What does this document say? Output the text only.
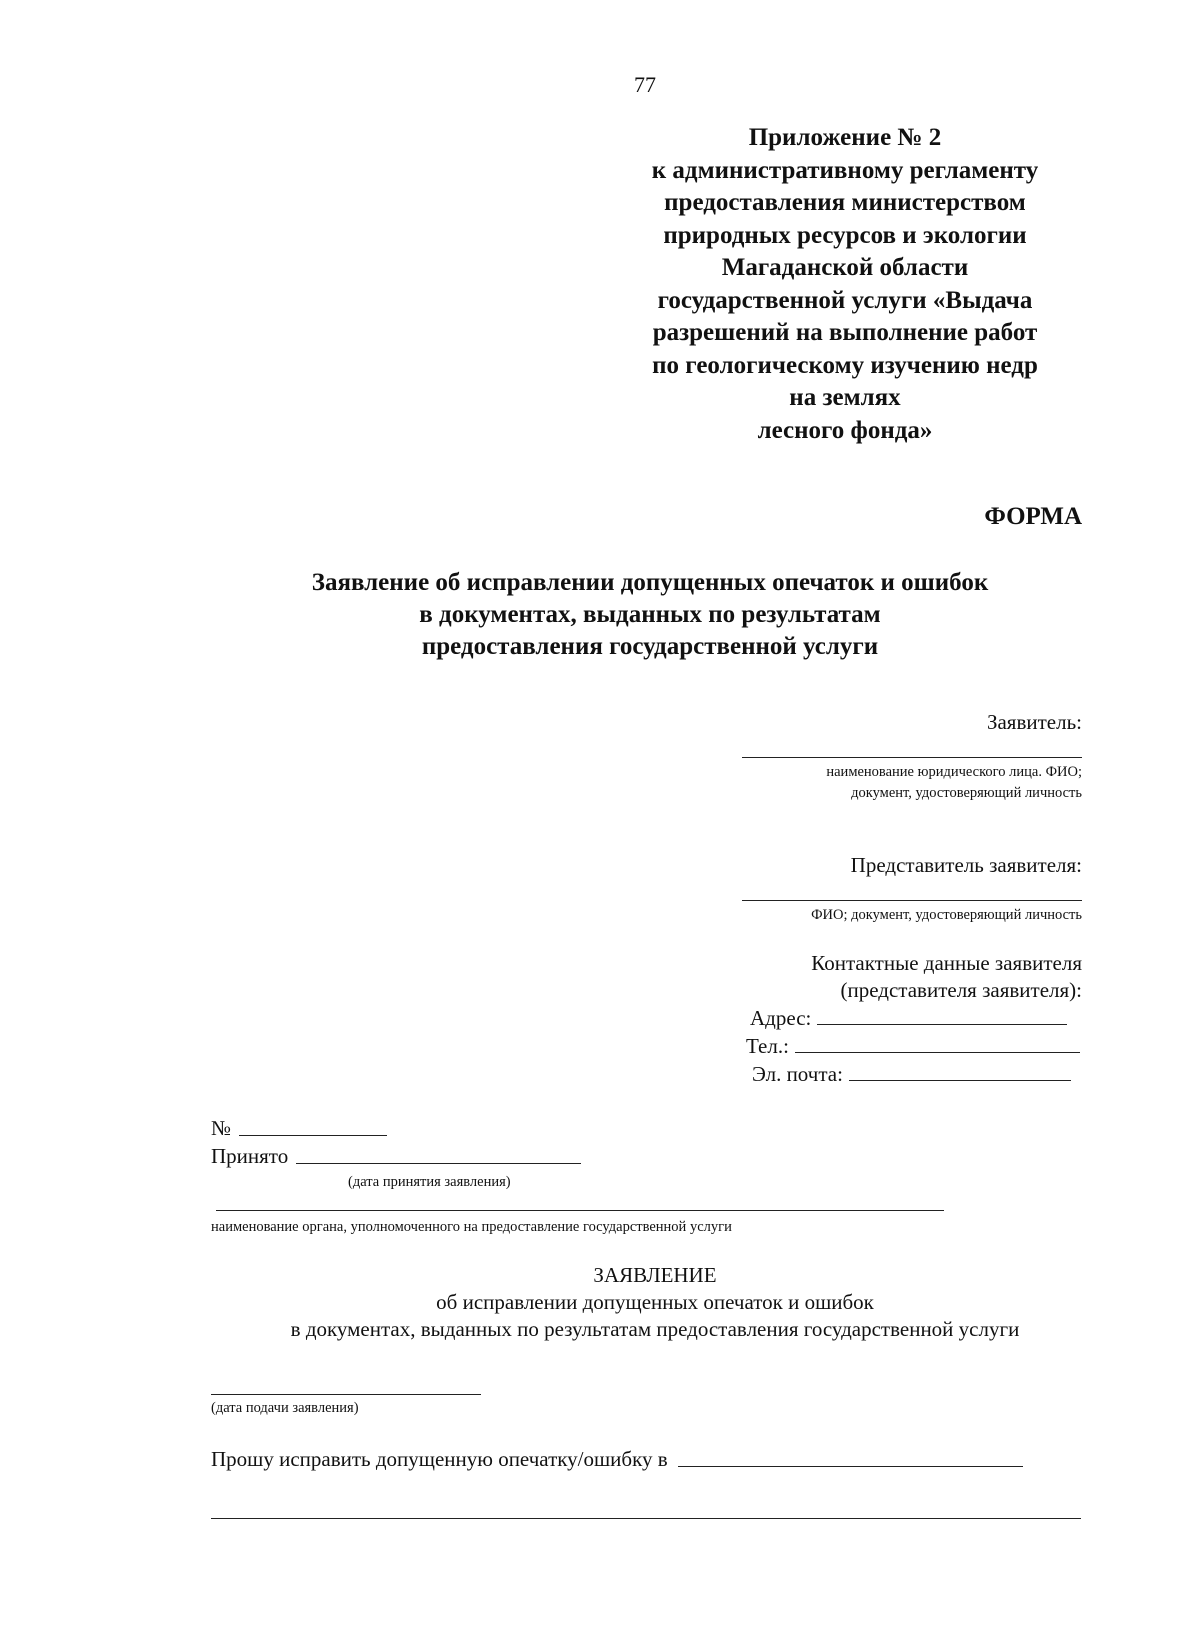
77
Приложение № 2
к административному регламенту
предоставления министерством
природных ресурсов и экологии
Магаданской области
государственной услуги «Выдача
разрешений на выполнение работ
по геологическому изучению недр
на землях
лесного фонда»
ФОРМА
Заявление об исправлении допущенных опечаток и ошибок
в документах, выданных по результатам
предоставления государственной услуги
Заявитель:
наименование юридического лица. ФИО;
документ, удостоверяющий личность
Представитель заявителя:
ФИО; документ, удостоверяющий личность
Контактные данные заявителя
(представителя заявителя):
Адрес:
Тел.:
Эл. почта:
№
Принято
(дата принятия заявления)
наименование органа, уполномоченного на предоставление государственной услуги
ЗАЯВЛЕНИЕ
об исправлении допущенных опечаток и ошибок
в документах, выданных по результатам предоставления государственной услуги
(дата подачи заявления)
Прошу исправить допущенную опечатку/ошибку в
